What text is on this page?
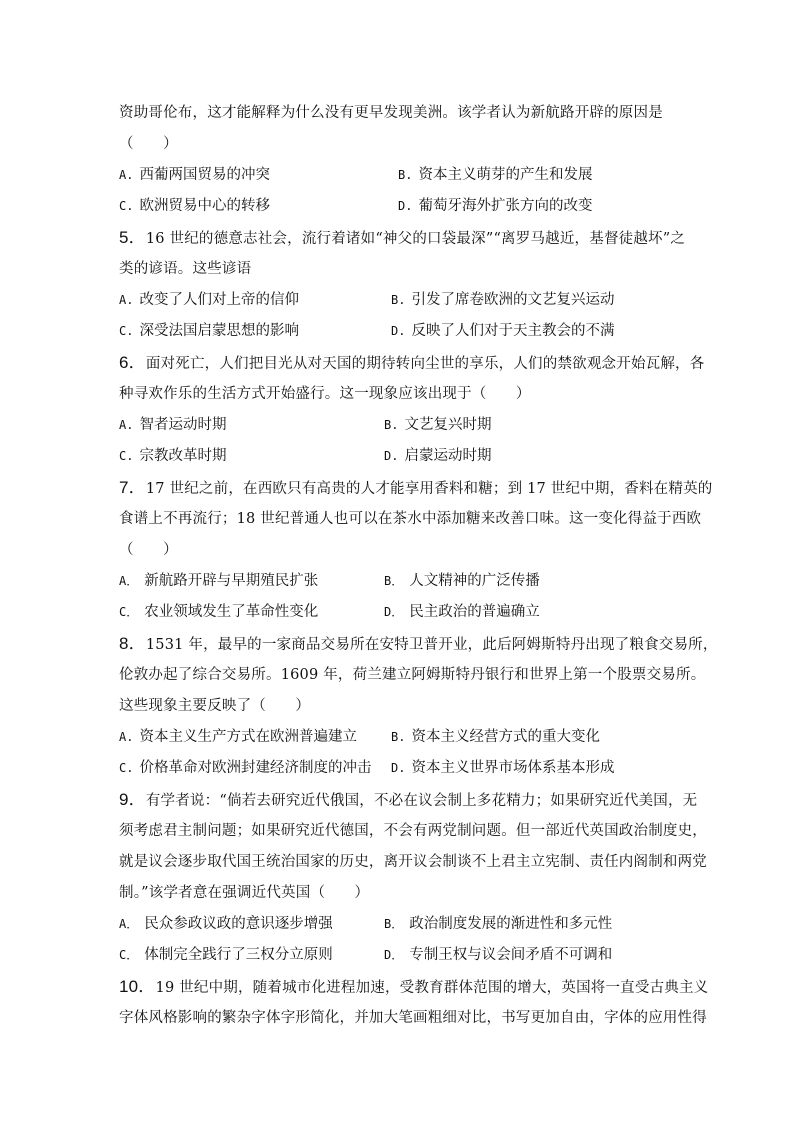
资助哥伦布，这才能解释为什么没有更早发现美洲。该学者认为新航路开辟的原因是
（　　）
A. 西葡两国贸易的冲突	B. 资本主义萌芽的产生和发展
C. 欧洲贸易中心的转移	D. 葡萄牙海外扩张方向的改变
5．16 世纪的德意志社会，流行着诸如“神父的口袋最深”“离罗马越近，基督徒越坏”之
类的谚语。这些谚语
A. 改变了人们对上帝的信仰	B. 引发了席卷欧洲的文艺复兴运动
C. 深受法国启蒙思想的影响	D. 反映了人们对于天主教会的不满
6．面对死亡，人们把目光从对天国的期待转向尘世的享乐，人们的禁欲观念开始瓦解，各
种寻欢作乐的生活方式开始盛行。这一现象应该出现于（　　）
A. 智者运动时期	B. 文艺复兴时期
C. 宗教改革时期	D. 启蒙运动时期
7．17 世纪之前，在西欧只有高贵的人才能享用香料和糖；到 17 世纪中期，香料在精英的
食谱上不再流行；18 世纪普通人也可以在茶水中添加糖来改善口味。这一变化得益于西欧
（　　）
A． 新航路开辟与早期殖民扩张	B． 人文精神的广泛传播
C． 农业领域发生了革命性变化	D． 民主政治的普遍确立
8．1531 年，最早的一家商品交易所在安特卫普开业，此后阿姆斯特丹出现了粮食交易所，
伦敦办起了综合交易所。1609 年，荷兰建立阿姆斯特丹银行和世界上第一个股票交易所。
这些现象主要反映了（　　）
A. 资本主义生产方式在欧洲普遍建立	B. 资本主义经营方式的重大变化
C. 价格革命对欧洲封建经济制度的冲击 D. 资本主义世界市场体系基本形成
9．有学者说：“倘若去研究近代俄国，不必在议会制上多花精力；如果研究近代美国，无
须考虑君主制问题；如果研究近代德国，不会有两党制问题。但一部近代英国政治制度史，
就是议会逐步取代国王统治国家的历史，离开议会制谈不上君主立宪制、责任内阁制和两党
制。”该学者意在强调近代英国（　　）
A． 民众参政议政的意识逐步增强	B． 政治制度发展的渐进性和多元性
C． 体制完全践行了三权分立原则	D． 专制王权与议会间矛盾不可调和
10．19 世纪中期，随着城市化进程加速，受教育群体范围的增大，英国将一直受古典主义
字体风格影响的繁杂字体字形简化，并加大笔画粗细对比，书写更加自由，字体的应用性得
